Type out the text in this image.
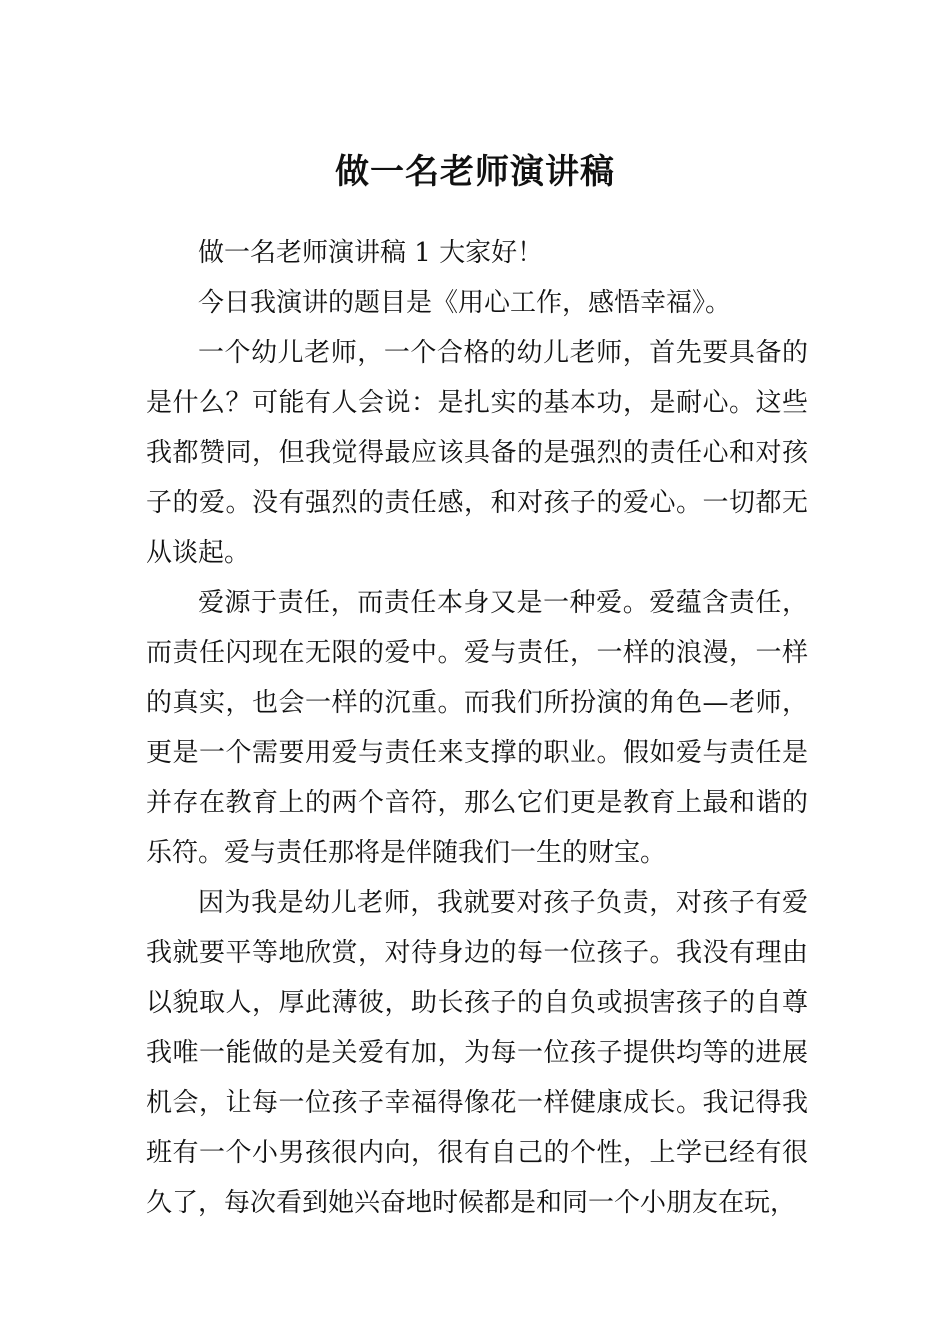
做一名老师演讲稿

做一名老师演讲稿 1 大家好！

今日我演讲的题目是《用心工作，感悟幸福》。

一个幼儿老师，一个合格的幼儿老师，首先要具备的是什么？可能有人会说：是扎实的基本功，是耐心。这些我都赞同，但我觉得最应该具备的是强烈的责任心和对孩子的爱。没有强烈的责任感，和对孩子的爱心。一切都无从谈起。

爱源于责任，而责任本身又是一种爱。爱蕴含责任，而责任闪现在无限的爱中。爱与责任，一样的浪漫，一样的真实，也会一样的沉重。而我们所扮演的角色—老师，更是一个需要用爱与责任来支撑的职业。假如爱与责任是并存在教育上的两个音符，那么它们更是教育上最和谐的乐符。爱与责任那将是伴随我们一生的财宝。

因为我是幼儿老师，我就要对孩子负责，对孩子有爱我就要平等地欣赏，对待身边的每一位孩子。我没有理由以貌取人，厚此薄彼，助长孩子的自负或损害孩子的自尊我唯一能做的是关爱有加，为每一位孩子提供均等的进展机会，让每一位孩子幸福得像花一样健康成长。我记得我班有一个小男孩很内向，很有自己的个性，上学已经有很久了，每次看到她兴奋地时候都是和同一个小朋友在玩，
